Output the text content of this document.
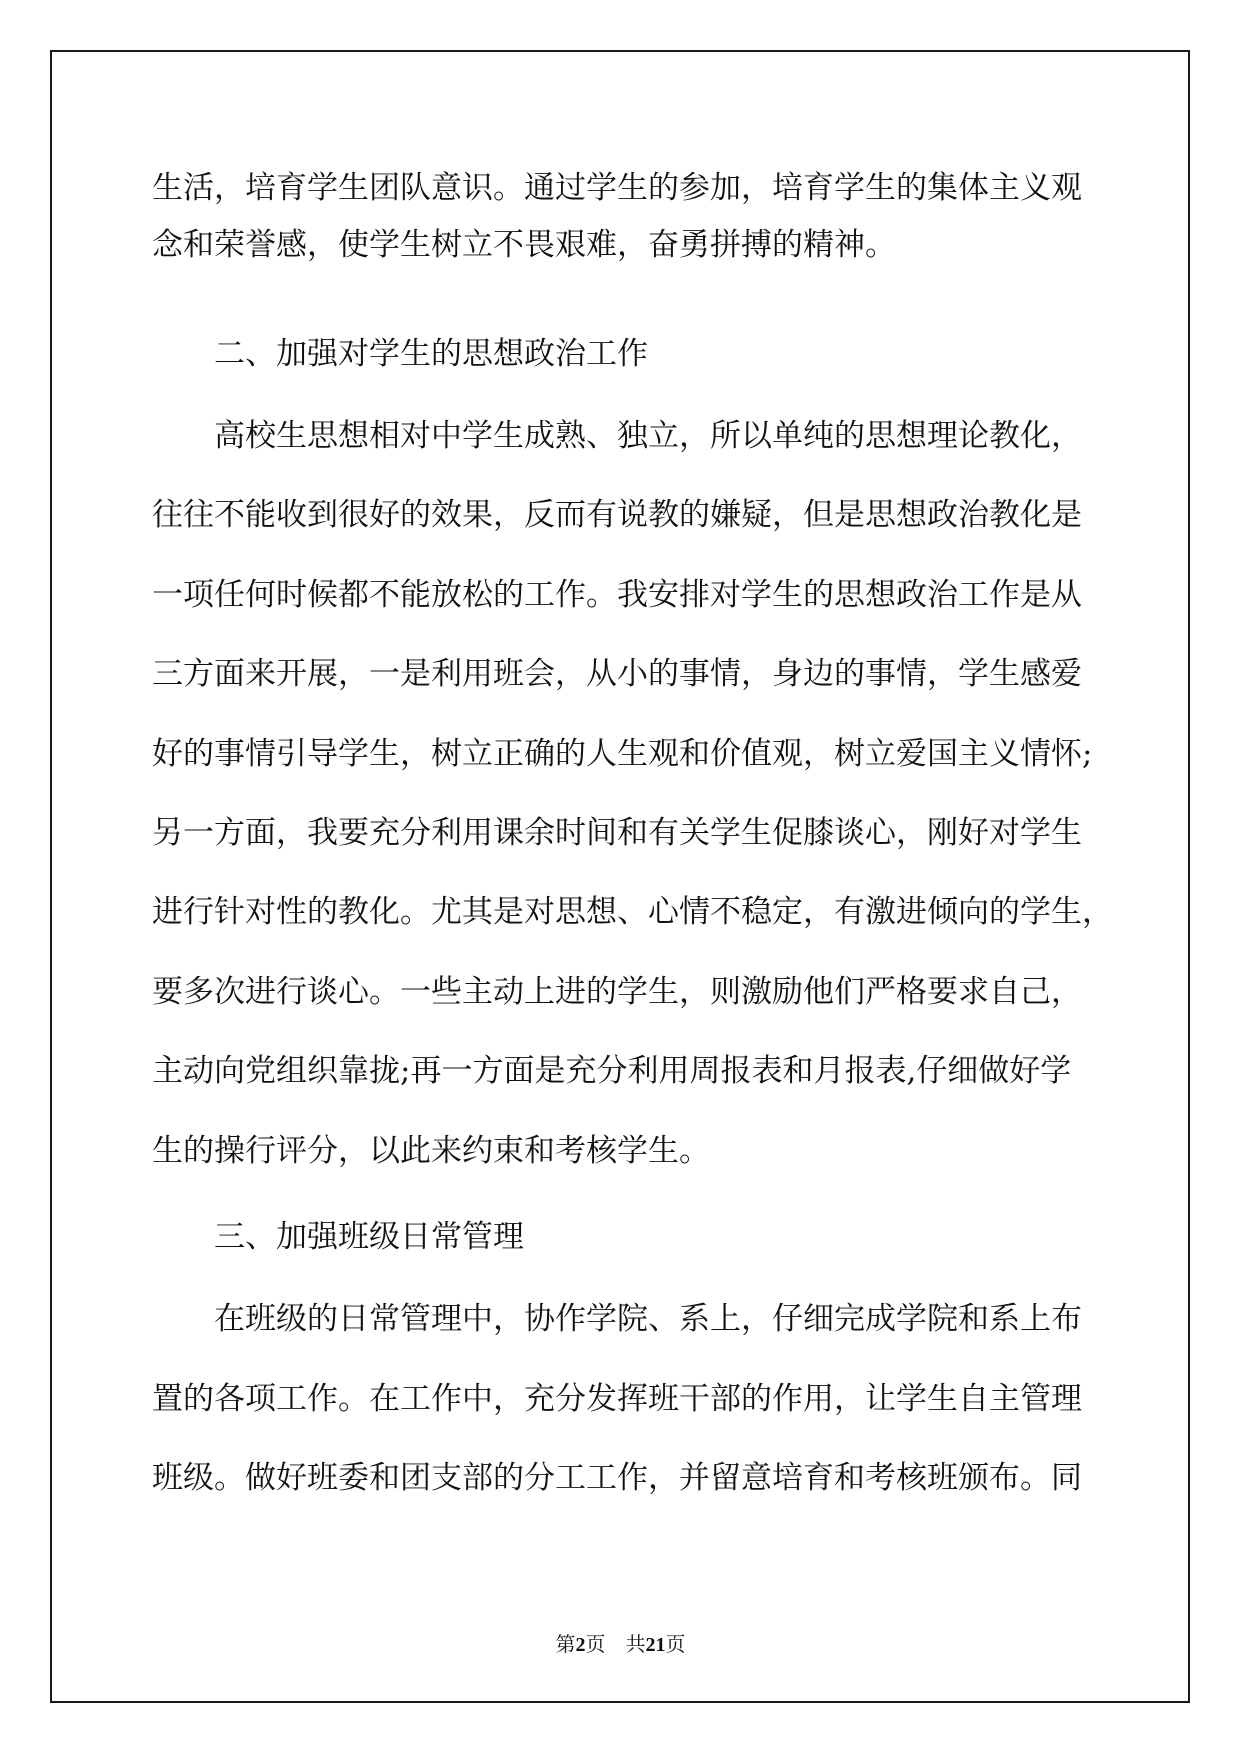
生活，培育学生团队意识。通过学生的参加，培育学生的集体主义观
念和荣誉感，使学生树立不畏艰难，奋勇拼搏的精神。
二、加强对学生的思想政治工作
高校生思想相对中学生成熟、独立，所以单纯的思想理论教化，
往往不能收到很好的效果，反而有说教的嫌疑，但是思想政治教化是
一项任何时候都不能放松的工作。我安排对学生的思想政治工作是从
三方面来开展，一是利用班会，从小的事情，身边的事情，学生感爱
好的事情引导学生，树立正确的人生观和价值观，树立爱国主义情怀;
另一方面，我要充分利用课余时间和有关学生促膝谈心，刚好对学生
进行针对性的教化。尤其是对思想、心情不稳定，有激进倾向的学生，
要多次进行谈心。一些主动上进的学生，则激励他们严格要求自己，
主动向党组织靠拢;再一方面是充分利用周报表和月报表,仔细做好学
生的操行评分，以此来约束和考核学生。
三、加强班级日常管理
在班级的日常管理中，协作学院、系上，仔细完成学院和系上布
置的各项工作。在工作中，充分发挥班干部的作用，让学生自主管理
班级。做好班委和团支部的分工工作，并留意培育和考核班颁布。同
第2页 共21页
